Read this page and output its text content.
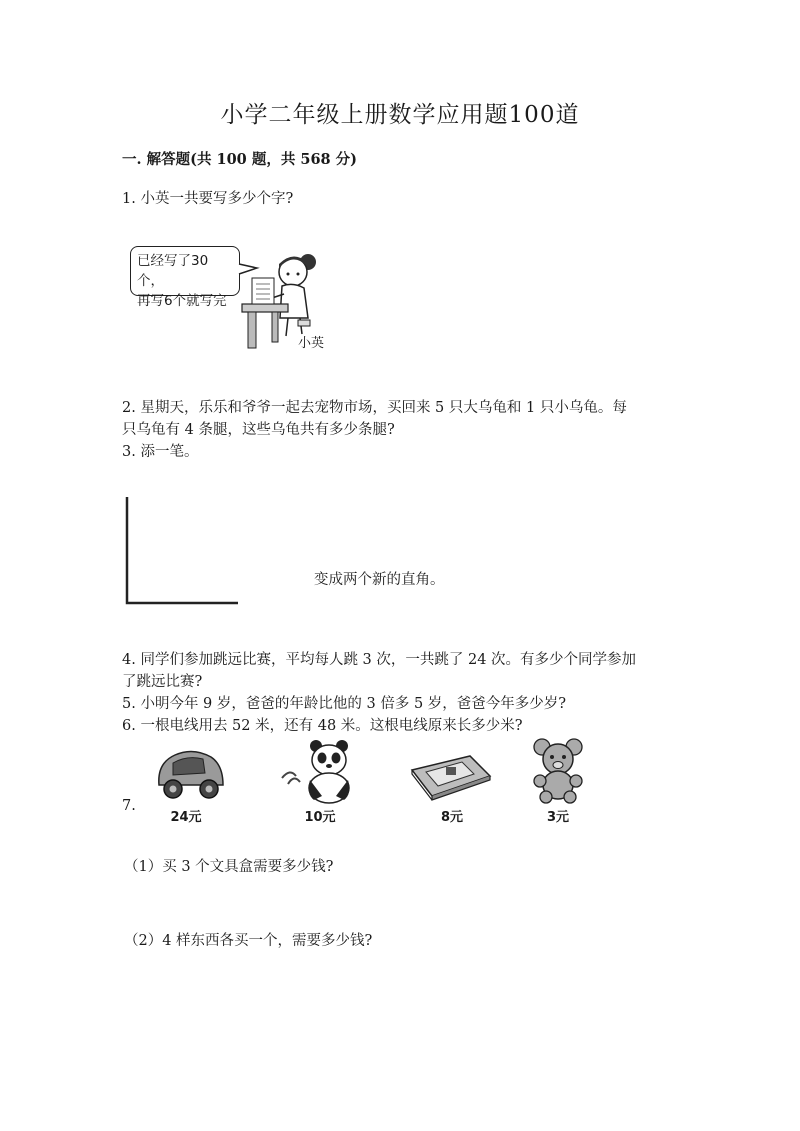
小学二年级上册数学应用题100道
一. 解答题(共 100 题，共 568 分)
1. 小英一共要写多少个字?
已经写了30个，
再写6个就写完
小英
2. 星期天，乐乐和爷爷一起去宠物市场，买回来 5 只大乌龟和 1 只小乌龟。每
只乌龟有 4 条腿，这些乌龟共有多少条腿?
3. 添一笔。
变成两个新的直角。
4. 同学们参加跳远比赛，平均每人跳 3 次，一共跳了 24 次。有多少个同学参加
了跳远比赛?
5. 小明今年 9 岁，爸爸的年龄比他的 3 倍多 5 岁，爸爸今年多少岁?
6. 一根电线用去 52 米，还有 48 米。这根电线原来长多少米?
7.
24元	10元	8元	3元
（1）买 3 个文具盒需要多少钱?
（2）4 样东西各买一个，需要多少钱?
